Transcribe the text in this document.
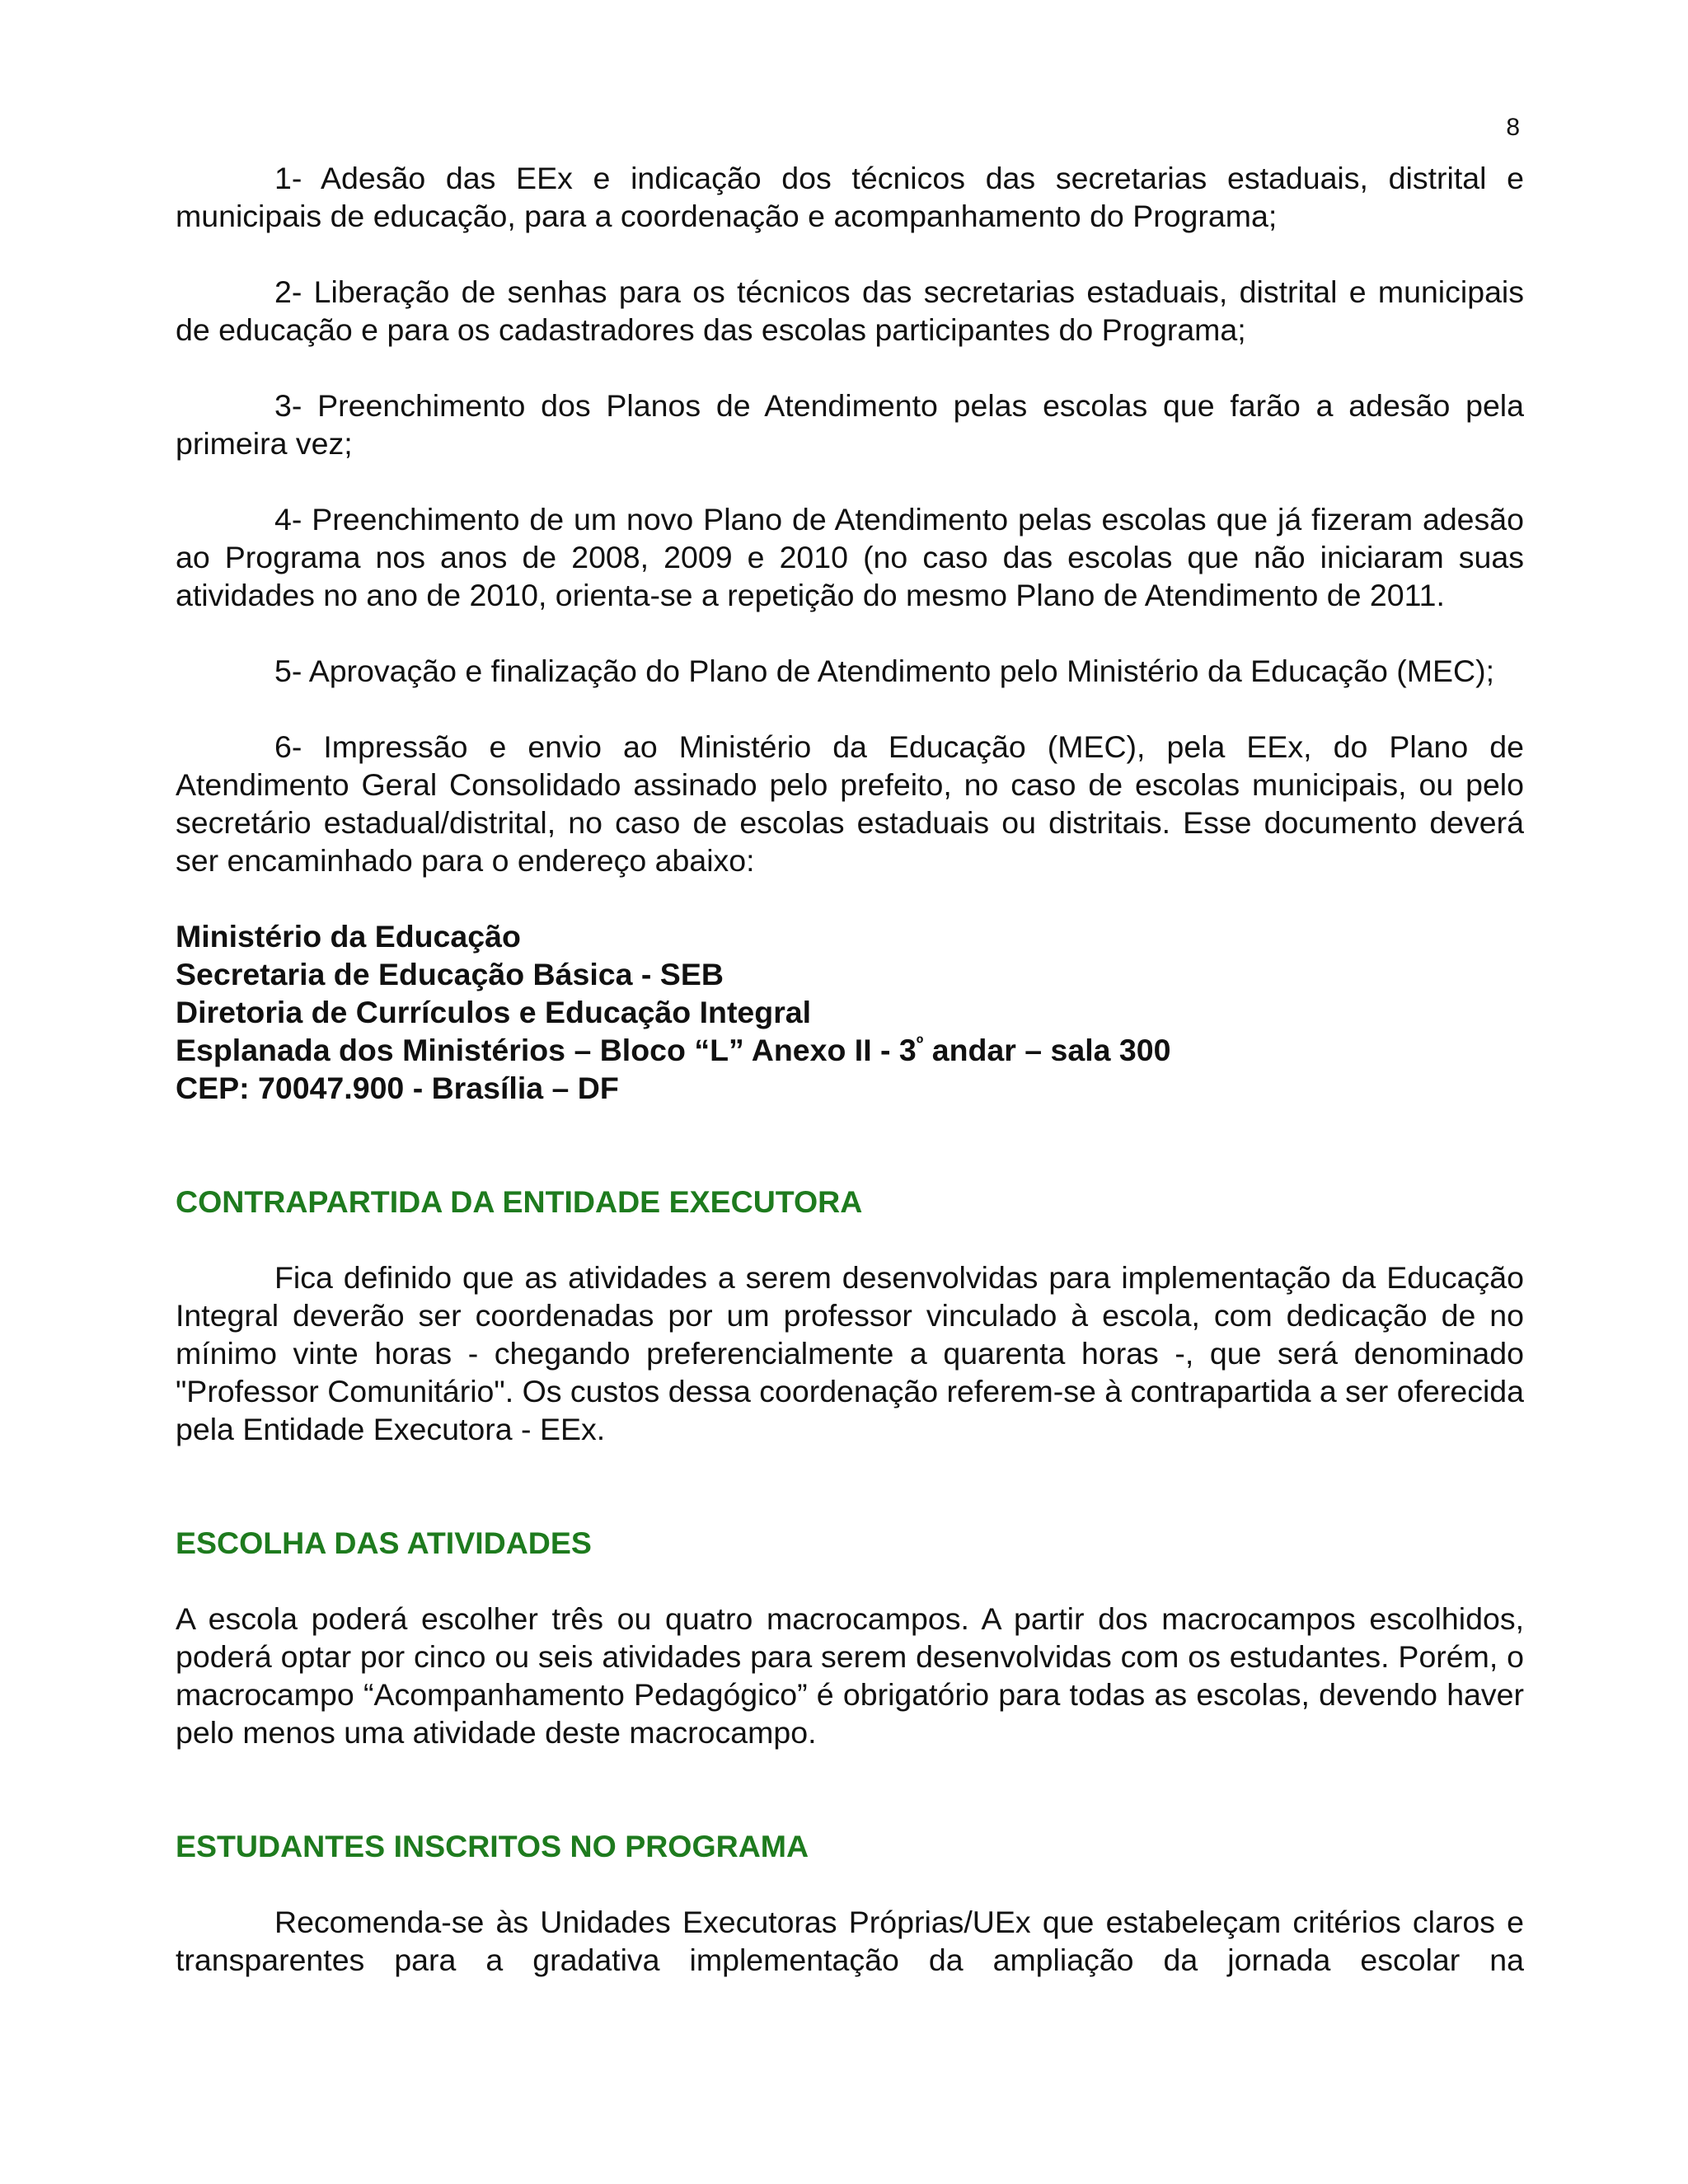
8

1- Adesão das EEx e indicação dos técnicos das secretarias estaduais, distrital e municipais de educação, para a coordenação e acompanhamento do Programa;

2- Liberação de senhas para os técnicos das secretarias estaduais, distrital e municipais de educação e para os cadastradores das escolas participantes do Programa;

3- Preenchimento dos Planos de Atendimento pelas escolas que farão a adesão pela primeira vez;

4- Preenchimento de um novo Plano de Atendimento pelas escolas que já fizeram adesão ao Programa nos anos de 2008, 2009 e 2010 (no caso das escolas que não iniciaram suas atividades no ano de 2010, orienta-se a repetição do mesmo Plano de Atendimento de 2011.

5- Aprovação e finalização do Plano de Atendimento pelo Ministério da Educação (MEC);

6- Impressão e envio ao Ministério da Educação (MEC), pela EEx, do Plano de Atendimento Geral Consolidado assinado pelo prefeito, no caso de escolas municipais, ou pelo secretário estadual/distrital, no caso de escolas estaduais ou distritais. Esse documento deverá ser encaminhado para o endereço abaixo:

Ministério da Educação
Secretaria de Educação Básica - SEB
Diretoria de Currículos e Educação Integral
Esplanada dos Ministérios – Bloco “L” Anexo II - $3^º$ andar – sala 300
CEP: 70047.900 - Brasília – DF
CONTRAPARTIDA DA ENTIDADE EXECUTORA

Fica definido que as atividades a serem desenvolvidas para implementação da Educação Integral deverão ser coordenadas por um professor vinculado à escola, com dedicação de no mínimo vinte horas - chegando preferencialmente a quarenta horas -, que será denominado "Professor Comunitário". Os custos dessa coordenação referem-se à contrapartida a ser oferecida pela Entidade Executora - EEx.

ESCOLHA DAS ATIVIDADES

A escola poderá escolher três ou quatro macrocampos. A partir dos macrocampos escolhidos, poderá optar por cinco ou seis atividades para serem desenvolvidas com os estudantes. Porém, o macrocampo “Acompanhamento Pedagógico” é obrigatório para todas as escolas, devendo haver pelo menos uma atividade deste macrocampo.

ESTUDANTES INSCRITOS NO PROGRAMA

Recomenda-se às Unidades Executoras Próprias/UEx que estabeleçam critérios claros e transparentes para a gradativa implementação da ampliação da jornada escolar na
